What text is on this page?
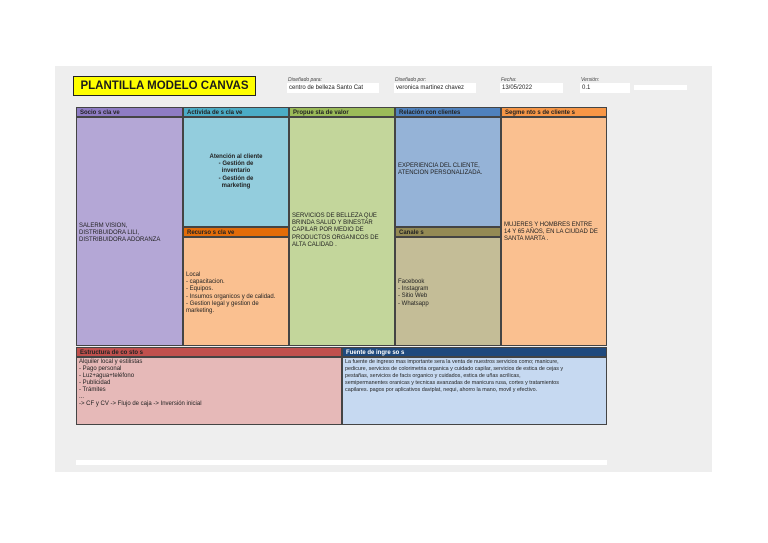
PLANTILLA MODELO CANVAS	Diseñado para:
centro de belleza Santo Cat
Diseñado por:
veronica martinez chavez
Fecha:
13/05/2022
Versión:
0.1
Socio s cla ve
SALERM VISION,
DISTRIBUIDORA LILI,
DISTRIBUIDORA ADORANZA
Activida de s cla ve
Atención al cliente
- Gestión de
inventario
- Gestión de
marketing
Recurso s cla ve
Local
- capacitacion.
- Equipos.
- Insumos organicos y de calidad.
- Gestion legal y gestion de
marketing.
Propue sta de valor
SERVICIOS DE BELLEZA QUE
BRINDA SALUD Y BINESTAR
CAPILAR POR MEDIO DE
PRODUCTOS ORGANICOS DE
ALTA CALIDAD .
Relación con clientes
EXPERIENCIA DEL CLIENTE,
ATENCION PERSONALIZADA.
Canale s
Facebook
- Instagram
- Sitio Web
- Whatsapp
Segme nto s de cliente s
MUJERES Y HOMBRES ENTRE
14 Y 65 AÑOS, EN LA CIUDAD DE
SANTA MARTA .
Estructura de co sto s
Alquiler local y estilistas
- Pago personal
- Luz+agua+teléfono
- Publicidad
- Trámites
...
-> CF y CV -> Flujo de caja -> Inversión inicial
Fuente de ingre so s
La fuente de ingreso mas importante sera la venta de nuestros servicios como; manicure,
pedicure, servicios de colorimetria organica y cuidado capilar, servicios de estica de cejas y
pestañas, servicios de facis organico y cuidados, estica de uñas acrilicas,
semipermanentes oranicas y tecnicas avanzadas de manicura rusa, cortes y tratamientos
capilares. pagos por aplicativos daviplat, nequi, ahorro la mano, movil y efectivo.
